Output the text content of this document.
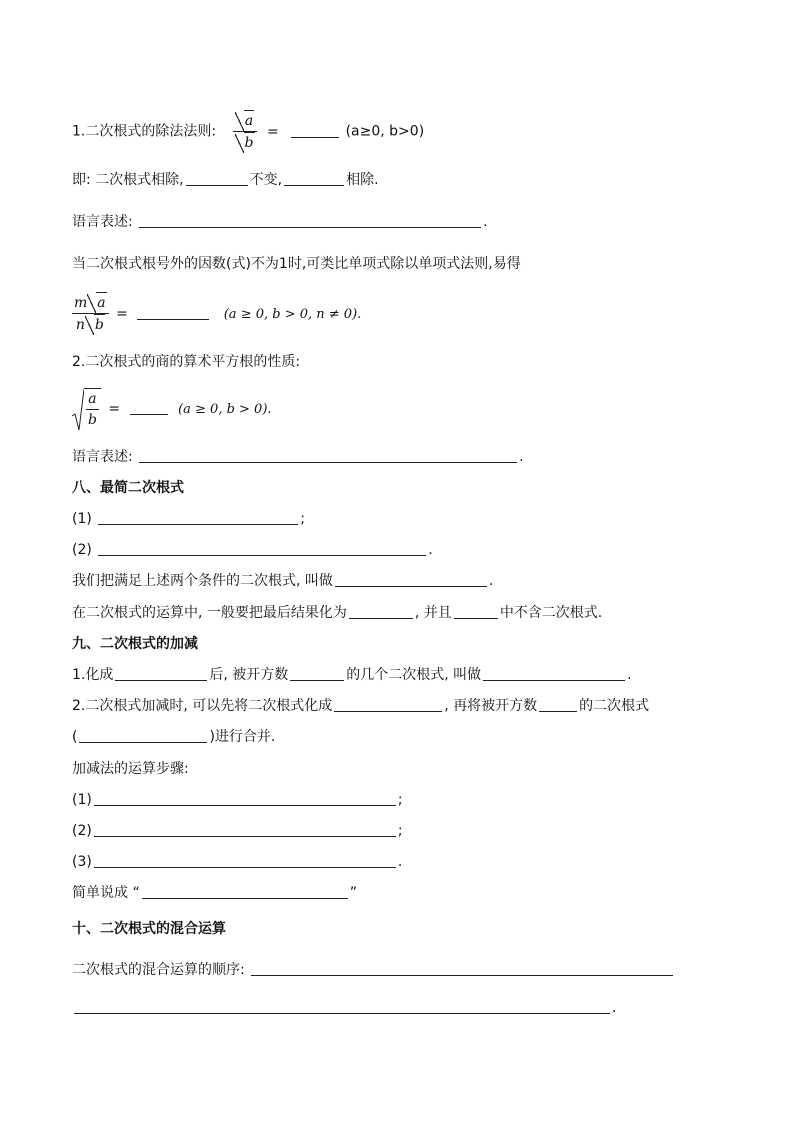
1.二次根式的除法法则: $\frac{a}{b}$ =	(a≥0, b>0)
即: 二次根式相除,	不变,	相除.
语言表述:	.
当二次根式根号外的因数(式)不为1时,可类比单项式除以单项式法则,易得
$\frac{\text{m a}}{\text{n b}}$ =	(a ≥ 0, b > 0, n ≠ 0).
2.二次根式的商的算术平方根的性质:
$\frac{a}{b}$ =	(a ≥ 0, b > 0).
语言表述:	.
八、最简二次根式
(1)	;
(2)	.
我们把满足上述两个条件的二次根式, 叫做	.
在二次根式的运算中, 一般要把最后结果化为	, 并且	中不含二次根式.
九、二次根式的加减
1.化成	后, 被开方数	的几个二次根式, 叫做	.
2.二次根式加减时, 可以先将二次根式化成	, 再将被开方数	的二次根式
(	)进行合并.
加减法的运算步骤:
(1)	;
(2)	;
(3)	.
简单说成 “	”
十、二次根式的混合运算
二次根式的混合运算的顺序:
.
